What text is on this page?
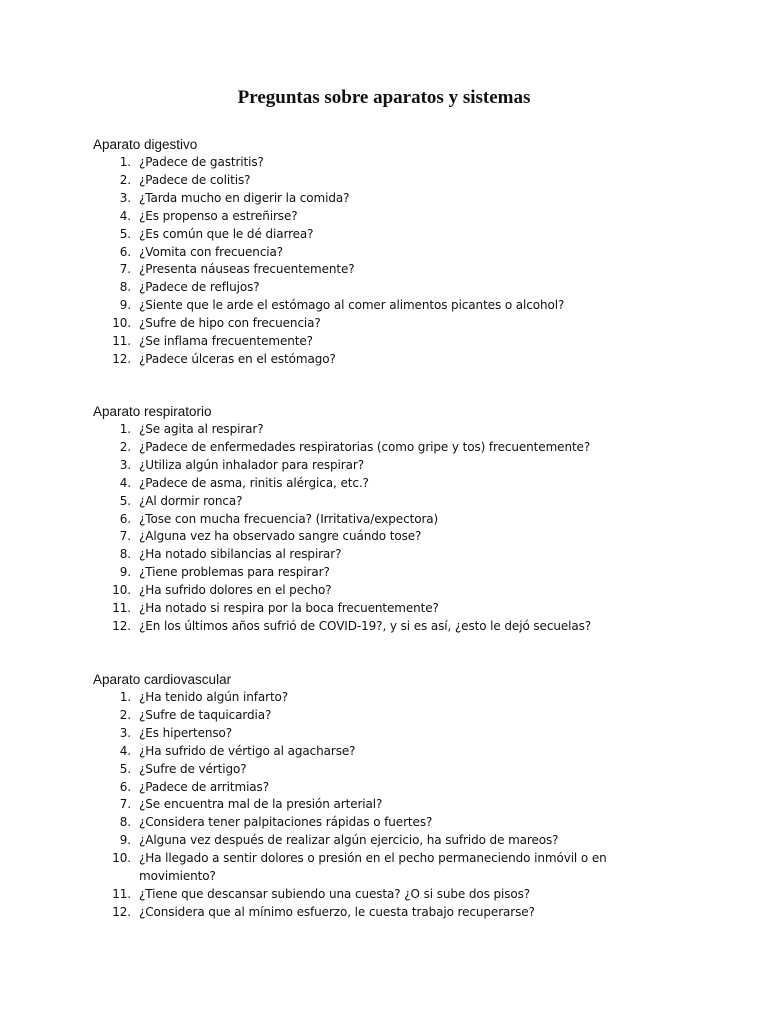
Preguntas sobre aparatos y sistemas
Aparato digestivo
1. ¿Padece de gastritis?
2. ¿Padece de colitis?
3. ¿Tarda mucho en digerir la comida?
4. ¿Es propenso a estreñirse?
5. ¿Es común que le dé diarrea?
6. ¿Vomita con frecuencia?
7. ¿Presenta náuseas frecuentemente?
8. ¿Padece de reflujos?
9. ¿Siente que le arde el estómago al comer alimentos picantes o alcohol?
10. ¿Sufre de hipo con frecuencia?
11. ¿Se inflama frecuentemente?
12. ¿Padece úlceras en el estómago?
Aparato respiratorio
1. ¿Se agita al respirar?
2. ¿Padece de enfermedades respiratorias (como gripe y tos) frecuentemente?
3. ¿Utiliza algún inhalador para respirar?
4. ¿Padece de asma, rinitis alérgica, etc.?
5. ¿Al dormir ronca?
6. ¿Tose con mucha frecuencia? (Irritativa/expectora)
7. ¿Alguna vez ha observado sangre cuándo tose?
8. ¿Ha notado sibilancias al respirar?
9. ¿Tiene problemas para respirar?
10. ¿Ha sufrido dolores en el pecho?
11. ¿Ha notado si respira por la boca frecuentemente?
12. ¿En los últimos años sufrió de COVID-19?, y si es así, ¿esto le dejó secuelas?
Aparato cardiovascular
1. ¿Ha tenido algún infarto?
2. ¿Sufre de taquicardia?
3. ¿Es hipertenso?
4. ¿Ha sufrido de vértigo al agacharse?
5. ¿Sufre de vértigo?
6. ¿Padece de arritmias?
7. ¿Se encuentra mal de la presión arterial?
8. ¿Considera tener palpitaciones rápidas o fuertes?
9. ¿Alguna vez después de realizar algún ejercicio, ha sufrido de mareos?
10. ¿Ha llegado a sentir dolores o presión en el pecho permaneciendo inmóvil o en movimiento?
11. ¿Tiene que descansar subiendo una cuesta? ¿O si sube dos pisos?
12. ¿Considera que al mínimo esfuerzo, le cuesta trabajo recuperarse?
